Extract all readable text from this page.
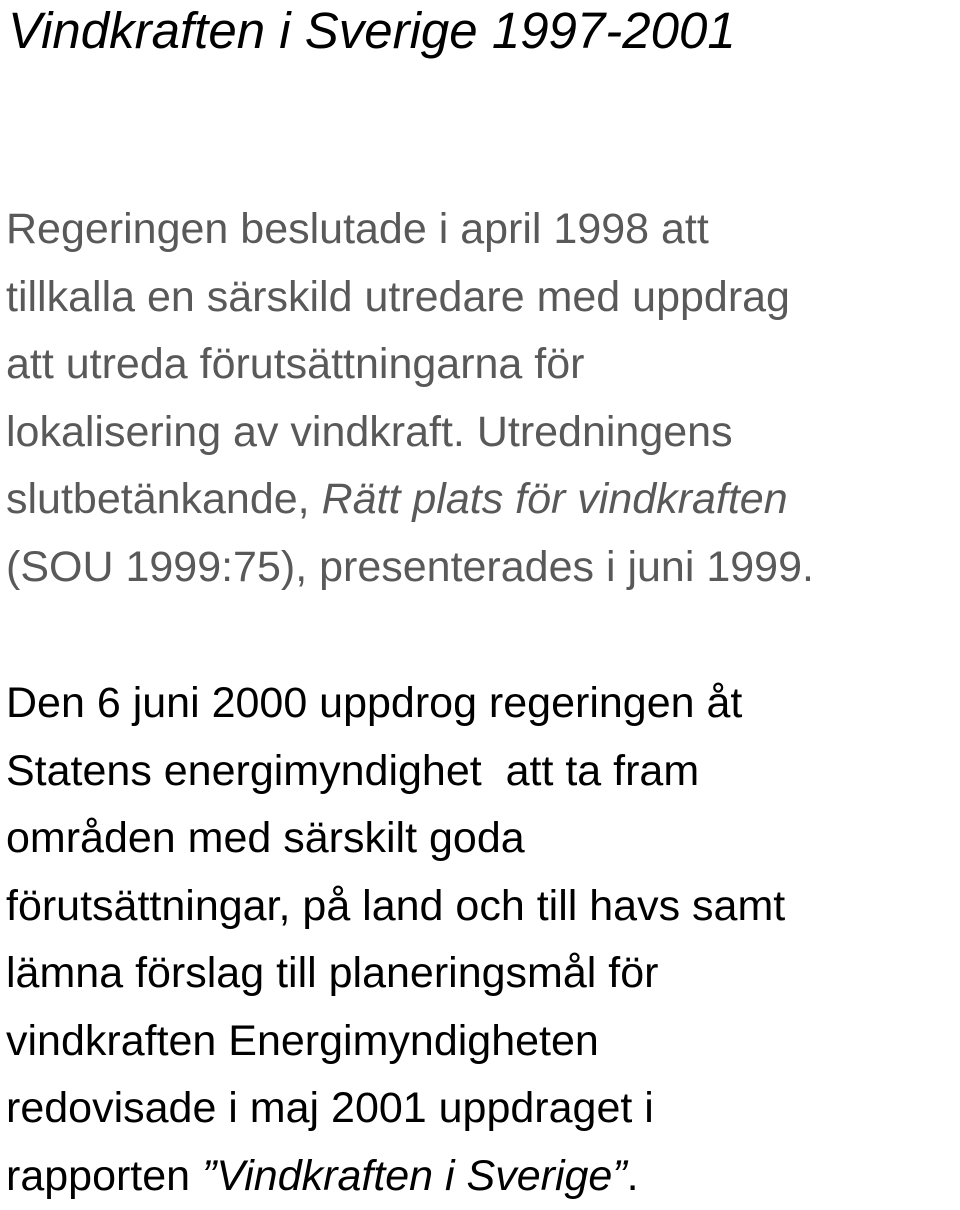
Vindkraften i Sverige 1997-2001

Regeringen beslutade i april 1998 att
tillkalla en särskild utredare med uppdrag
att utreda förutsättningarna för
lokalisering av vindkraft. Utredningens
slutbetänkande, Rätt plats för vindkraften
(SOU 1999:75), presenterades i juni 1999.

Den 6 juni 2000 uppdrog regeringen åt
Statens energimyndighet  att ta fram
områden med särskilt goda
förutsättningar, på land och till havs samt
lämna förslag till planeringsmål för
vindkraften Energimyndigheten
redovisade i maj 2001 uppdraget i
rapporten ”Vindkraften i Sverige”.
